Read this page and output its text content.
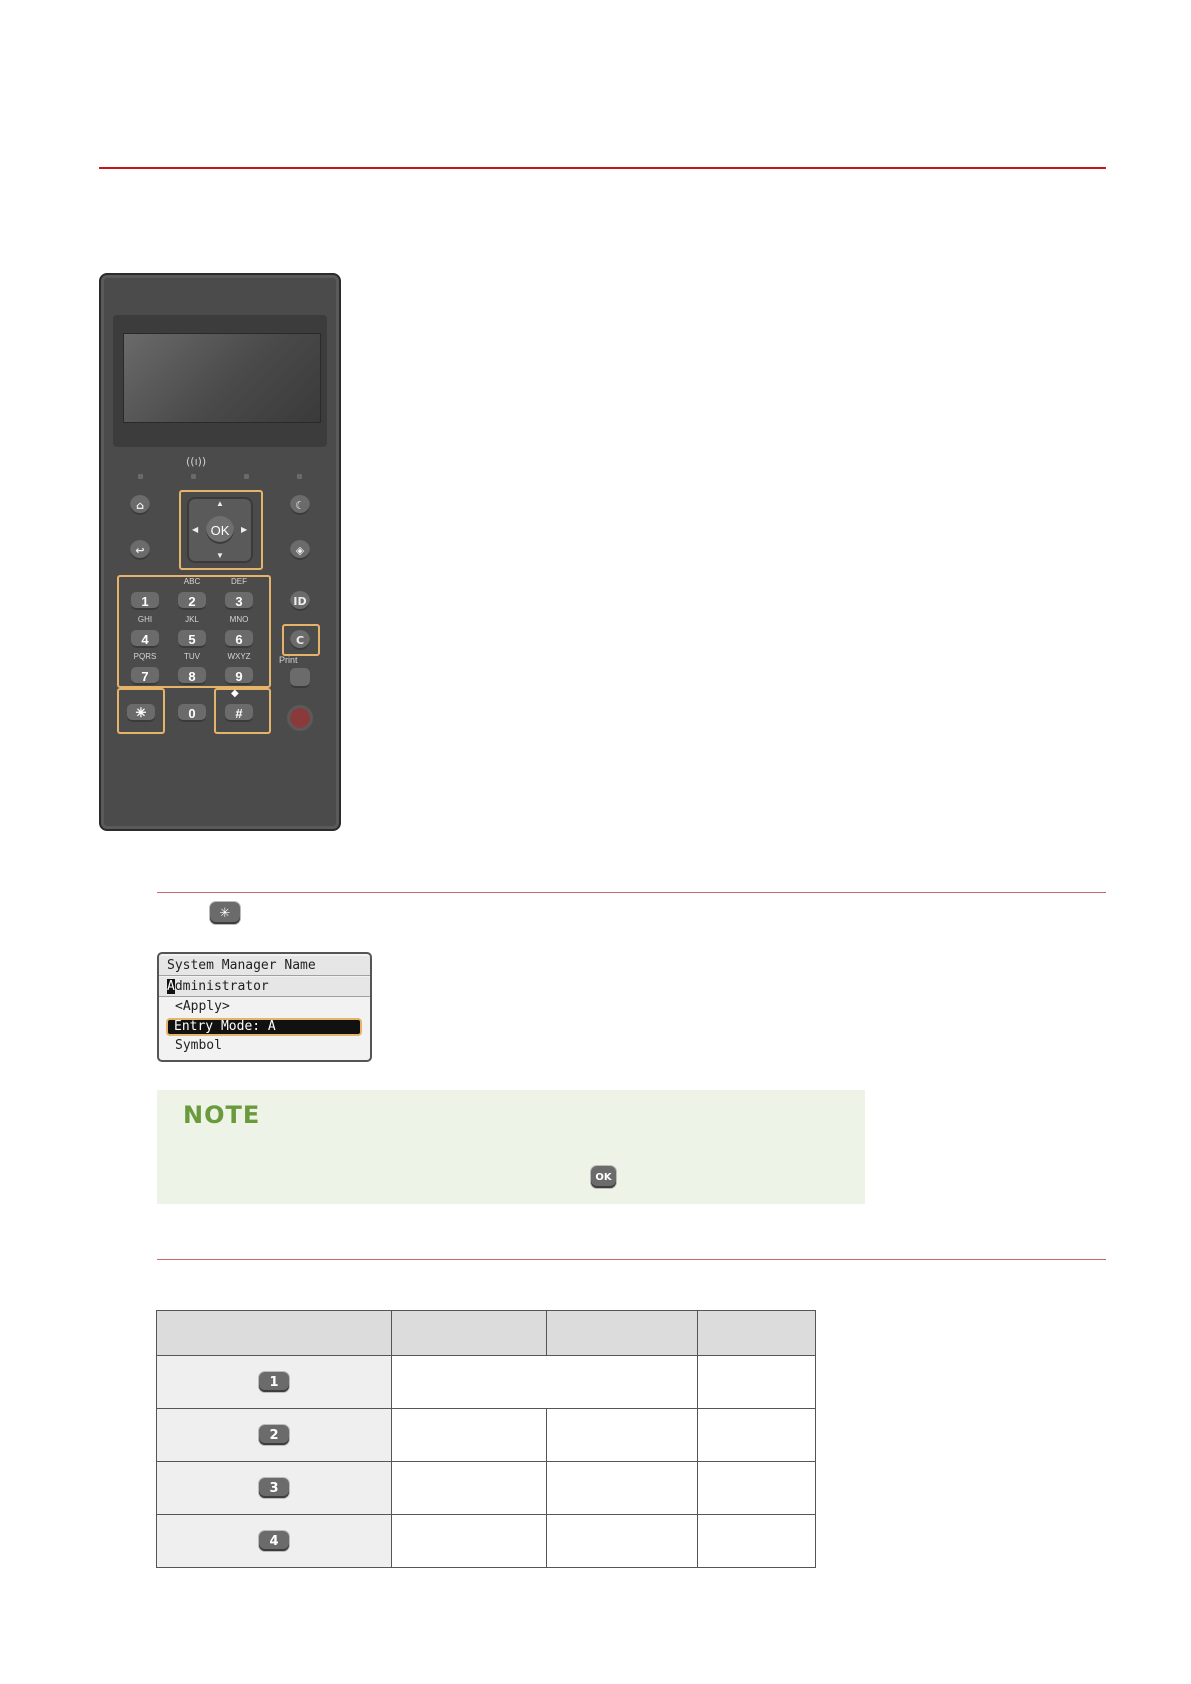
((ı))
⌂
↩
☾
◈
ID
▲
▼
◀	▶
OK
ABC	DEF
GHI	JKL	MNO
PQRS	TUV	WXYZ
1	2	3
4	5	6
7	8	9
✳	0
◆
#
C
Print
✳
System Manager Name
Administrator
<Apply>
Entry Mode: A
Symbol
NOTE
OK

1			

2			

3			

4			
